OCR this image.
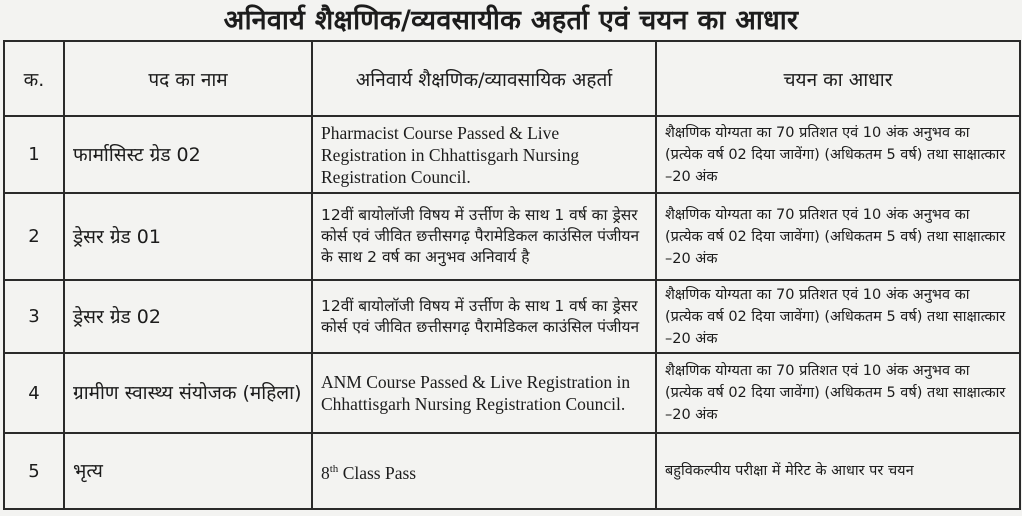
अनिवार्य शैक्षणिक/व्यवसायीक अहर्ता एवं चयन का आधार
क.	पद का नाम	अनिवार्य शैक्षणिक/व्यावसायिक अहर्ता	चयन का आधार
1	फार्मासिस्ट ग्रेड 02	Pharmacist Course Passed & Live Registration in Chhattisgarh Nursing Registration Council.	शैक्षणिक योग्यता का 70 प्रतिशत एवं 10 अंक अनुभव का (प्रत्येक वर्ष 02 दिया जावेंगा) (अधिकतम 5 वर्ष) तथा साक्षात्कार –20 अंक
2	ड्रेसर ग्रेड 01	12वीं बायोलॉजी विषय में उर्त्तीण के साथ 1 वर्ष का ड्रेसर कोर्स एवं जीवित छत्तीसगढ़ पैरामेडिकल काउंसिल पंजीयन के साथ 2 वर्ष का अनुभव अनिवार्य है	शैक्षणिक योग्यता का 70 प्रतिशत एवं 10 अंक अनुभव का (प्रत्येक वर्ष 02 दिया जावेंगा) (अधिकतम 5 वर्ष) तथा साक्षात्कार –20 अंक
3	ड्रेसर ग्रेड 02	12वीं बायोलॉजी विषय में उर्त्तीण के साथ 1 वर्ष का ड्रेसर कोर्स एवं जीवित छत्तीसगढ़ पैरामेडिकल काउंसिल पंजीयन	शैक्षणिक योग्यता का 70 प्रतिशत एवं 10 अंक अनुभव का (प्रत्येक वर्ष 02 दिया जावेंगा) (अधिकतम 5 वर्ष) तथा साक्षात्कार –20 अंक
4	ग्रामीण स्वास्थ्य संयोजक (महिला)	ANM Course Passed & Live Registration in Chhattisgarh Nursing Registration Council.	शैक्षणिक योग्यता का 70 प्रतिशत एवं 10 अंक अनुभव का (प्रत्येक वर्ष 02 दिया जावेंगा) (अधिकतम 5 वर्ष) तथा साक्षात्कार –20 अंक
5	भृत्य	8th Class Pass	बहुविकल्पीय परीक्षा में मेरिट के आधार पर चयन
